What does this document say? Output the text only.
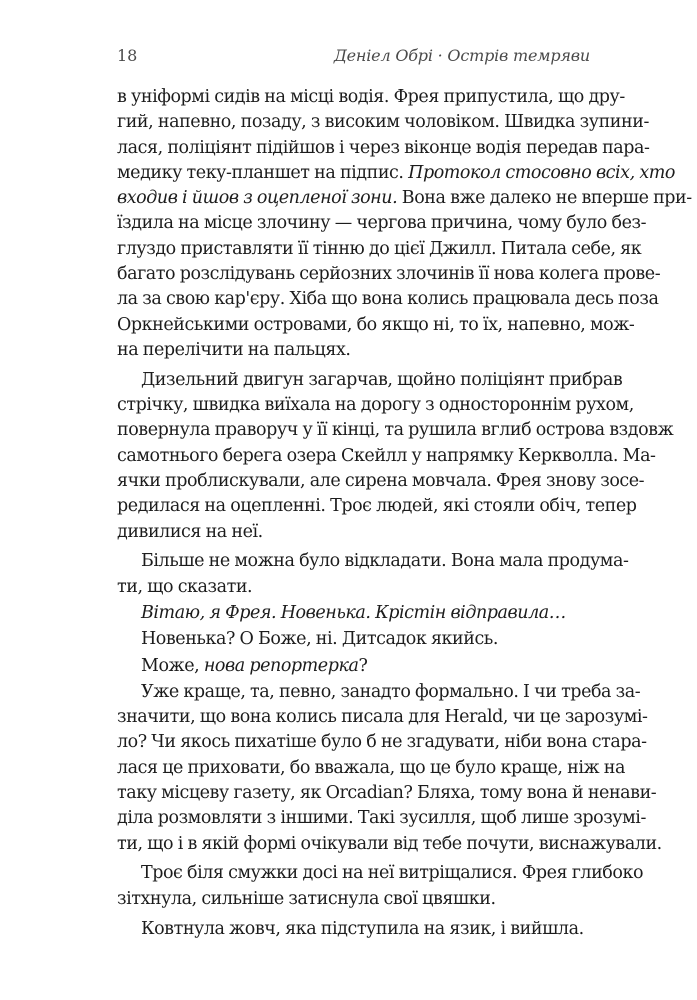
18	Деніел Обрі · Острів темряви
в уніформі сидів на місці водія. Фрея припустила, що дру-
гий, напевно, позаду, з високим чоловіком. Швидка зупини-
лася, поліціянт підійшов і через віконце водія передав пара-
медику теку-планшет на підпис. Протокол стосовно всіх, хто
входив і йшов з оцепленої зони. Вона вже далеко не вперше при-
їздила на місце злочину — чергова причина, чому було без-
глуздо приставляти її тінню до цієї Джилл. Питала себе, як
багато розслідувань серйозних злочинів її нова колега прове-
ла за свою кар'єру. Хіба що вона колись працювала десь поза
Оркнейськими островами, бо якщо ні, то їх, напевно, мож-
на перелічити на пальцях.
Дизельний двигун загарчав, щойно поліціянт прибрав
стрічку, швидка виїхала на дорогу з одностороннім рухом,
повернула праворуч у її кінці, та рушила вглиб острова вздовж
самотнього берега озера Скейлл у напрямку Керкволла. Ма-
ячки проблискували, але сирена мовчала. Фрея знову зосе-
редилася на оцепленні. Троє людей, які стояли обіч, тепер
дивилися на неї.
Більше не можна було відкладати. Вона мала продума-
ти, що сказати.
Вітаю, я Фрея. Новенька. Крістін відправила…
Новенька? О Боже, ні. Дитсадок якийсь.
Може, нова репортерка?
Уже краще, та, певно, занадто формально. І чи треба за-
значити, що вона колись писала для Herald, чи це зарозумі-
ло? Чи якось пихатіше було б не згадувати, ніби вона стара-
лася це приховати, бо вважала, що це було краще, ніж на
таку місцеву газету, як Orcadian? Бляха, тому вона й ненави-
діла розмовляти з іншими. Такі зусилля, щоб лише зрозумі-
ти, що і в якій формі очікували від тебе почути, виснажували.
Троє біля смужки досі на неї витріщалися. Фрея глибоко
зітхнула, сильніше затиснула свої цвяшки.
Ковтнула жовч, яка підступила на язик, і вийшла.
